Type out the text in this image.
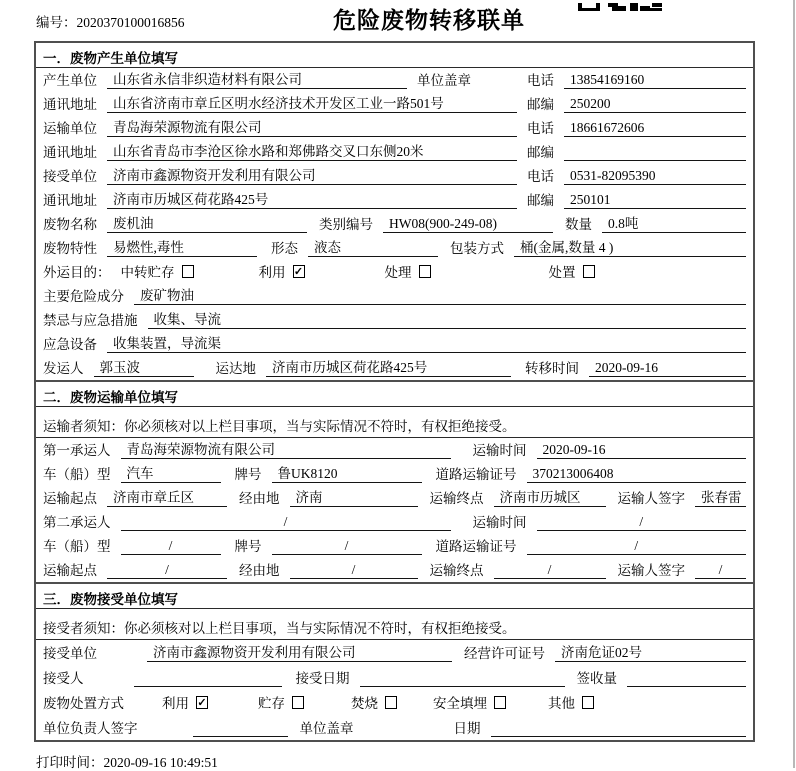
编号：2020370100016856	危险废物转移联单
一．废物产生单位填写
产生单位	山东省永信非织造材料有限公司	单位盖章	电话	13854169160
通讯地址	山东省济南市章丘区明水经济技术开发区工业一路501号	邮编	250200
运输单位	青岛海荣源物流有限公司	电话	18661672606
通讯地址	山东省青岛市李沧区徐水路和郑佛路交叉口东侧20米	邮编
接受单位	济南市鑫源物资开发利用有限公司	电话	0531-82095390
通讯地址	济南市历城区荷花路425号	邮编	250101
废物名称	废机油	类别编号	HW08(900-249-08)	数量	0.8吨
废物特性	易燃性,毒性	形态	液态	包装方式	桶(金属,数量 4 )
外运目的： 中转贮存	利用 ✓	处理	处置
主要危险成分	废矿物油
禁忌与应急措施	收集、导流
应急设备	收集装置，导流渠
发运人	郭玉波	运达地	济南市历城区荷花路425号	转移时间	2020-09-16
二．废物运输单位填写
运输者须知：你必须核对以上栏目事项，当与实际情况不符时，有权拒绝接受。
第一承运人	青岛海荣源物流有限公司	运输时间	2020-09-16
车（船）型	汽车	牌号	鲁UK8120	道路运输证号	370213006408
运输起点	济南市章丘区	经由地	济南	运输终点	济南市历城区	运输人签字	张春雷
第二承运人	/	运输时间	/
车（船）型	/	牌号	/	道路运输证号	/
运输起点	/	经由地	/	运输终点	/	运输人签字	/
三．废物接受单位填写
接受者须知：你必须核对以上栏目事项，当与实际情况不符时，有权拒绝接受。
接受单位	济南市鑫源物资开发利用有限公司	经营许可证号	济南危证02号
接受人	接受日期	签收量
废物处置方式	利用 ✓	贮存	焚烧	安全填埋	其他
单位负责人签字	单位盖章	日期
打印时间：2020-09-16 10:49:51
